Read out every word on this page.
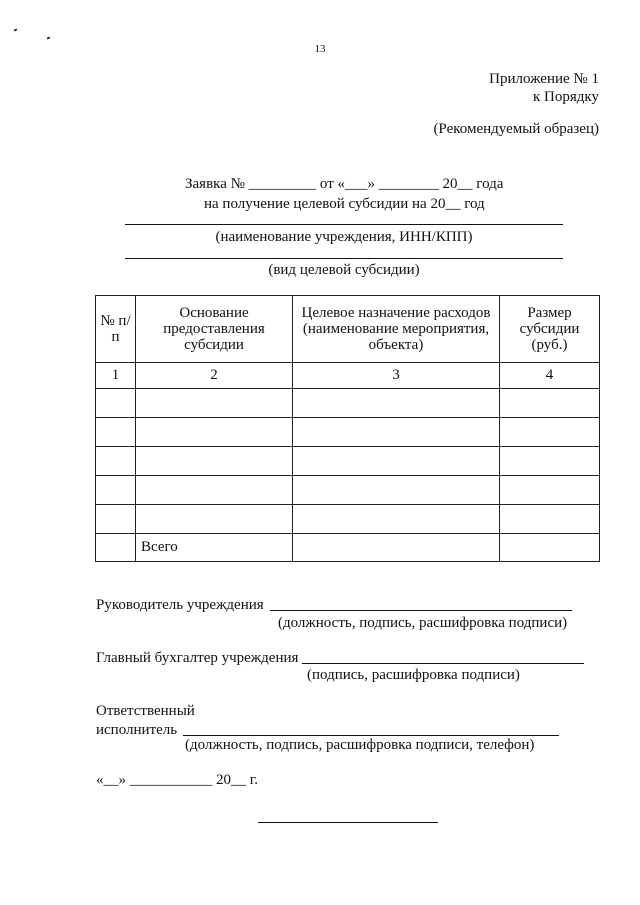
13
Приложение № 1
к Порядку
(Рекомендуемый образец)
Заявка № _________ от «___» ________ 20__ года
на получение целевой субсидии на 20__ год
(наименование учреждения, ИНН/КПП)
(вид целевой субсидии)
№ п/п	Основание предоставления субсидии	Целевое назначение расходов (наименование мероприятия, объекта)	Размер субсидии (руб.)
1	2	3	4

	Всего		
Руководитель учреждения
(должность, подпись, расшифровка подписи)
Главный бухгалтер учреждения
(подпись, расшифровка подписи)
Ответственный
исполнитель
(должность, подпись, расшифровка подписи, телефон)
«__» ___________ 20__ г.
